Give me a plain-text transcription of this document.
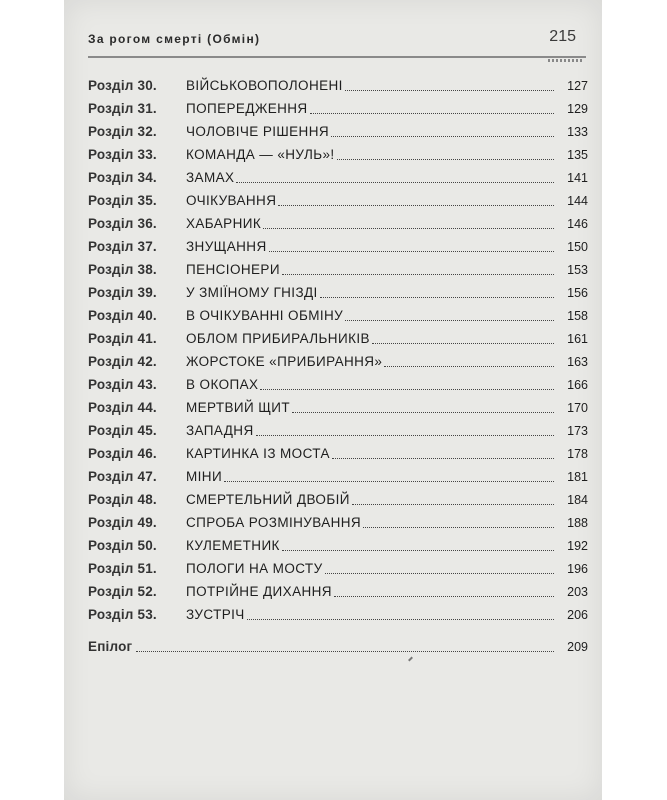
За рогом смерті (Обмін)	215
Розділ 30.	ВІЙСЬКОВОПОЛОНЕНІ	127
Розділ 31.	ПОПЕРЕДЖЕННЯ	129
Розділ 32.	ЧОЛОВІЧЕ РІШЕННЯ	133
Розділ 33.	КОМАНДА — «НУЛЬ»!	135
Розділ 34.	ЗАМАХ	141
Розділ 35.	ОЧІКУВАННЯ	144
Розділ 36.	ХАБАРНИК	146
Розділ 37.	ЗНУЩАННЯ	150
Розділ 38.	ПЕНСІОНЕРИ	153
Розділ 39.	У ЗМІЇНОМУ ГНІЗДІ	156
Розділ 40.	В ОЧІКУВАННІ ОБМІНУ	158
Розділ 41.	ОБЛОМ ПРИБИРАЛЬНИКІВ	161
Розділ 42.	ЖОРСТОКЕ «ПРИБИРАННЯ»	163
Розділ 43.	В ОКОПАХ	166
Розділ 44.	МЕРТВИЙ ЩИТ	170
Розділ 45.	ЗАПАДНЯ	173
Розділ 46.	КАРТИНКА ІЗ МОСТА	178
Розділ 47.	МІНИ	181
Розділ 48.	СМЕРТЕЛЬНИЙ ДВОБІЙ	184
Розділ 49.	СПРОБА РОЗМІНУВАННЯ	188
Розділ 50.	КУЛЕМЕТНИК	192
Розділ 51.	ПОЛОГИ НА МОСТУ	196
Розділ 52.	ПОТРІЙНЕ ДИХАННЯ	203
Розділ 53.	ЗУСТРІЧ	206
Епілог	209
